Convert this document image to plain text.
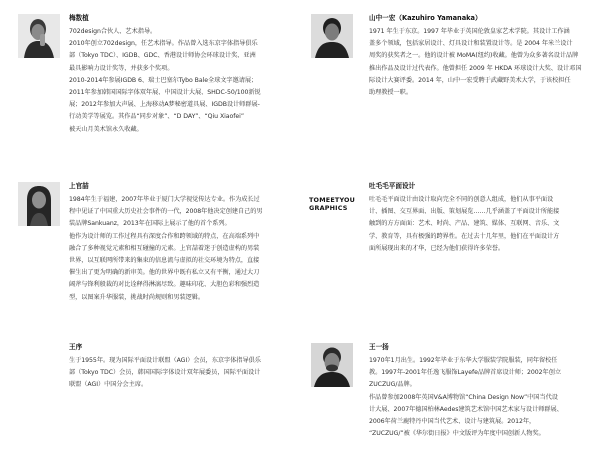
梅数植
702design合伙人、艺术指导。
2010年创立702design，任艺术指导。作品曾入选东京字体指导俱乐
部（Tokyo TDC）、IGDB、GDC、香港设计师协会环球设计奖、亚洲
最具影响力设计奖等，并获多个奖项。
2010-2014年参展IGDB 6、瑞士巴塞尔Tybo Bale全球文字邀请展；
2011年参加韩国国际字体双年展、中国设计大展、SHDC-50/100新锐
展；2012年参加大声展、上海移动A梦秘密道具展、IGDB设计师群展-
行动美学等展览。其作品“同步对象”、“D DAY”、“Qiu Xiaofei”
被天山月美术馆永久收藏。
山中一宏（Kazuhiro Yamanaka）
1971 年生于东京。1997 年毕业于英国伦敦皇家艺术学院。其设计工作涵
盖多个领域，包括家居设计、灯具设计和装置设计等。是 2004 年米兰设计
周奖的获奖者之一。他的设计被 MoMA(纽约)收藏。他曾为众多著名设计品牌
推出作品及设计过代表作。他曾担任 2009 年 HKDA 环球设计大奖、设计邓国
际设计大赛评委。2014 年，山中一宏受聘于武藏野美术大学，于该校担任
助理教授一职。
上官喆
1984年生于福建，2007年毕业于厦门大学视觉传达专业。作为成长过
程中见证了中国重大历史社会事件的一代，2008年他决定创建自己的男
装品牌Sankuanz，2013年在国际上展示了他的首个系列。
他作为设计师的工作过程具有深度合作和跨领域的特点，在高端系列中
融合了多种视觉元素和相互碰撞的元素。上官喆着迷于创造虚构的男装
世界，以互联网所带来的集束的信息流与虚拟的社交环境为特点，直接
催生出了更为明确的新审美。他的世界中既有私立又有平衡，通过大刀
阔斧与锋利般裁的对比诠释得淋漓尽致。趣味印花、大胆色彩和强烈造
型，以图案升华服装，挑战时尚规则和男装逻辑。
TOMEETYOU
GRAPHICS
吐毛毛平面设计
吐毛毛平面设计由设计取向完全不同的创意人组成，他们从事平面设
计、插图、交互界面、出版、策划展览……几乎涵盖了平面设计所能接
触到的方方面面：艺术、时尚、产品、建筑、媒体、互联网、音乐、文
学、教育等，具有极强的跨界性。在过去十几年里，他们在平面设计方
面所展现出来的才华，已经为他们获得许多荣誉。
王序
生于1955年。现为国际平面设计联盟（AGI）会员，东京字体指导俱乐
部（Tokyo TDC）会员，韩国国际字体设计双年展委员，国际平面设计
联盟（AGI）中国分会主席。
王一扬
1970年1月出生。1992年毕业于东华大学服装学院服装，同年留校任
教。1997年-2001年任逸飞服饰Layefe品牌首席设计师；2002年创立
ZUCZUG/品牌。
作品曾参加2008年英国V&A博物馆“China Design Now”中国当代设
计大展、2007年德国柏林Aedes建筑艺术馆中国艺术家与设计师群展、
2006年荷兰鹿特丹中国当代艺术、设计与建筑展。2012年，
“ZUCZUG/”被《华尔街日报》中文版评为年度中国创新人物奖。
